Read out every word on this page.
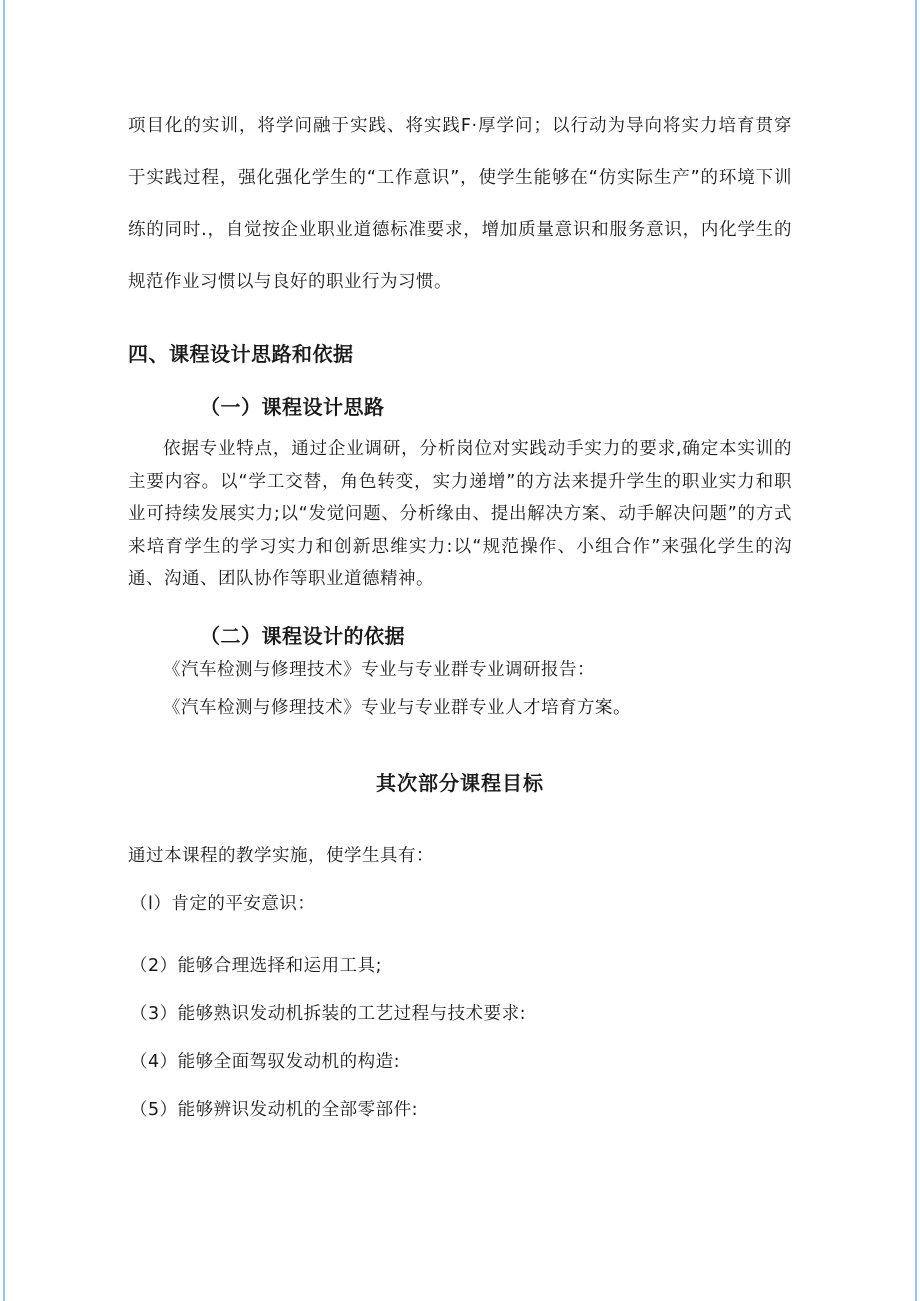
项目化的实训，将学问融于实践、将实践F·厚学问；以行动为导向将实力培育贯穿于实践过程，强化强化学生的“工作意识”，使学生能够在“仿实际生产”的环境下训练的同时.，自觉按企业职业道德标准要求，增加质量意识和服务意识，内化学生的规范作业习惯以与良好的职业行为习惯。

四、课程设计思路和依据
（一）课程设计思路

依据专业特点，通过企业调研，分析岗位对实践动手实力的要求,确定本实训的主要内容。以“学工交替，角色转变，实力递增”的方法来提升学生的职业实力和职业可持续发展实力;以“发觉问题、分析缘由、提出解决方案、动手解决问题”的方式来培育学生的学习实力和创新思维实力:以“规范操作、小组合作”来强化学生的沟通、沟通、团队协作等职业道德精神。

（二）课程设计的依据

《汽车检测与修理技术》专业与专业群专业调研报告：

《汽车检测与修理技术》专业与专业群专业人才培育方案。

其次部分课程目标

通过本课程的教学实施，使学生具有：

（l）肯定的平安意识：

（2）能够合理选择和运用工具;

（3）能够熟识发动机拆装的工艺过程与技术要求:

（4）能够全面驾驭发动机的构造:

（5）能够辨识发动机的全部零部件:
